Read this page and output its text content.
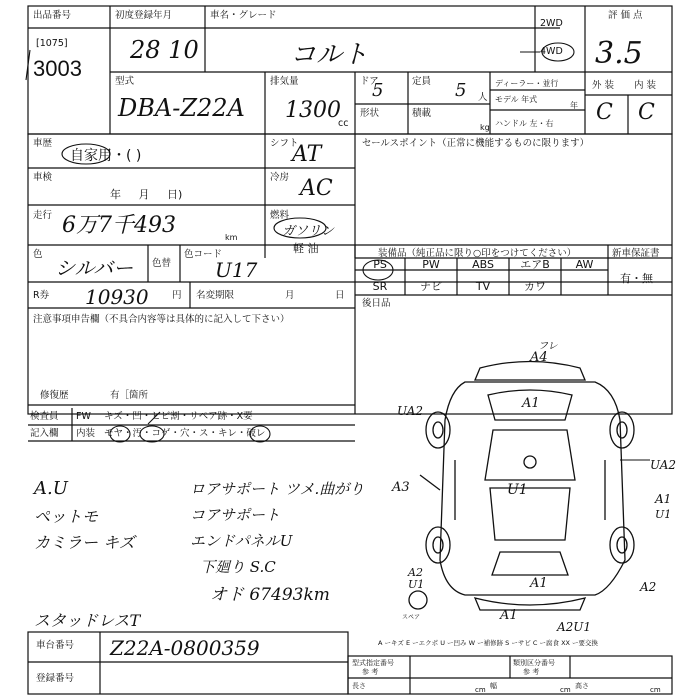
出品番号
[1075]
3003
初度登録年月
28 10
車名・グレード
コルト
2WD
4WD
評 価 点
3.5
型式
DBA-Z22A
排気量
1300
cc
ドア
5	定員 5 人
形状	積載
kg
ディーラー・並行
モデル 年式
年
ハンドル 左・右
外 装 内 装
C C
車歴
自家用・( )
シフト
AT	セールスポイント（正常に機能するものに限ります）
車検
年     月     日)
冷房 AC
走行 6万7千493	km
燃料
ガソリン
軽 油
色
シルバー 色替
色コード
U17
装備品（純正品に限り○印をつけてください）	新車保証書
有・無
PS	PW	ABS	エアB	AW
SR	ナビ	TV	カワ
R券 10930 円 名変期限	月	日
後日品
注意事項申告欄（不具合内容等は具体的に記入して下さい）
修復歴	有［箇所
検査員
記入欄
FW キズ・凹・ヒビ割・リペア跡・X要
内装 モヤ・汚・コゲ・穴・ス・キレ・破レ
A.U
ペットモ
カミラー キズ
スタッドレスT
ロアサポート ツメ.曲がり
コアサポート
エンドパネルU
下廻り S.C
オド 67493km
A4
フレ
A1
UA2
U1
A3
UA2
A1
U1
A2
U1	A1
A1
A2
A2U1
スペア
A ーキズ E ーエクボ U ー凹み W ー補修跡 S ーサビ C ー腐食 XX ー要交換
車台番号 Z22A-0800359
登録番号
型式指定番号
参 考
類別区分番号
参 考
長さ	cm 幅	cm 高さ	cm
